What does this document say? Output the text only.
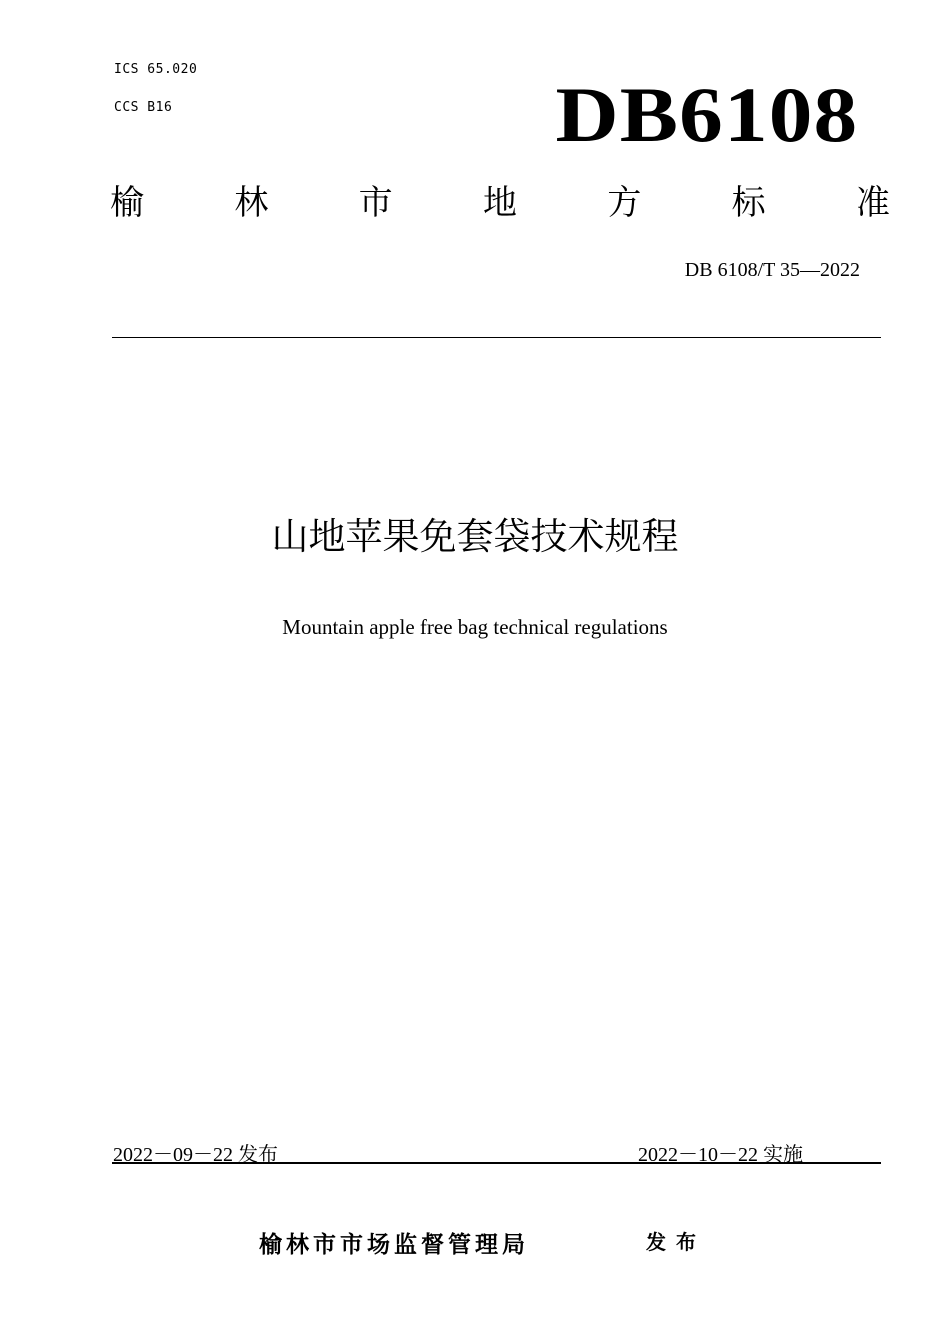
ICS 65.020
CCS B16	DB6108
榆	林	市	地	方	标	准
DB 6108/T 35—2022
山地苹果免套袋技术规程
Mountain apple free bag technical regulations
2022－09－22 发布	2022－10－22 实施
榆林市市场监督管理局	发布
